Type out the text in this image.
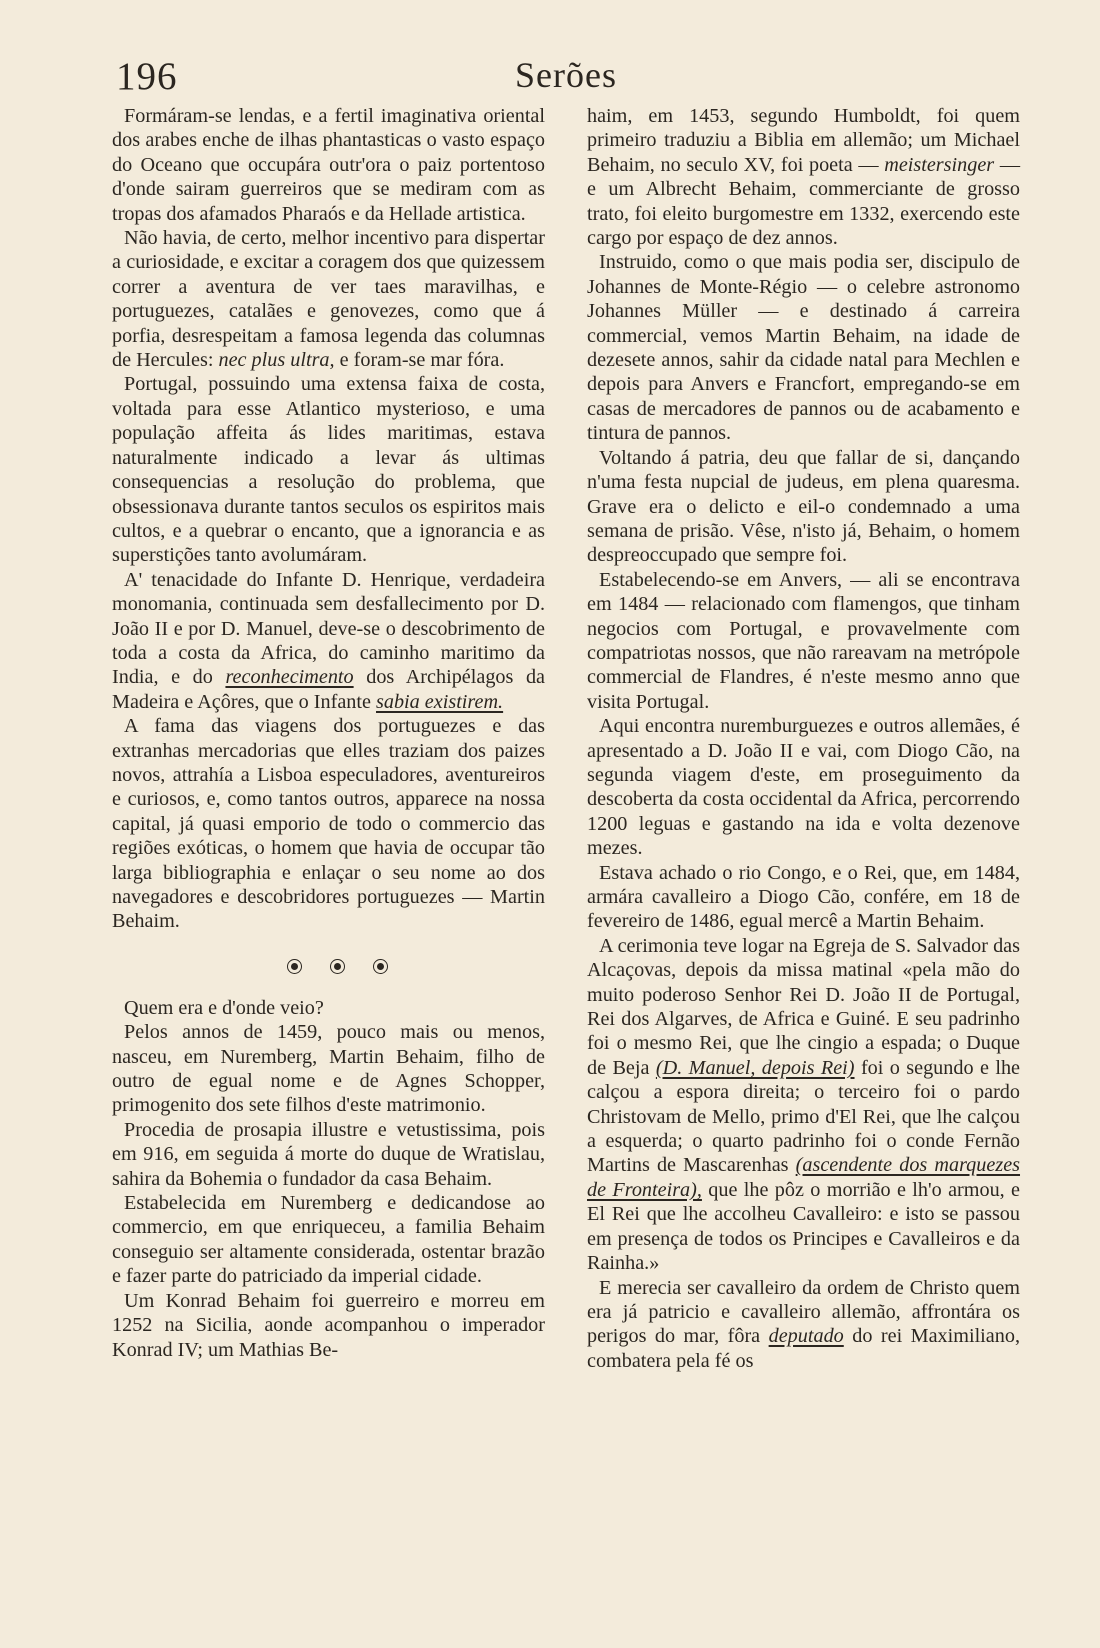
196	Serões

Formáram-se lendas, e a fertil imaginativa oriental dos arabes enche de ilhas phantasticas o vasto espaço do Oceano que occupára outr'ora o paiz portentoso d'onde sairam guerreiros que se mediram com as tropas dos afamados Pharaós e da Hellade artistica.

Não havia, de certo, melhor incentivo para dispertar a curiosidade, e excitar a coragem dos que quizessem correr a aventura de ver taes maravilhas, e portuguezes, catalães e genovezes, como que á porfia, desrespeitam a famosa legenda das columnas de Hercules: nec plus ultra, e foram-se mar fóra.

Portugal, possuindo uma extensa faixa de costa, voltada para esse Atlantico mysterioso, e uma população affeita ás lides maritimas, estava naturalmente indicado a levar ás ultimas consequencias a resolução do problema, que obsessionava durante tantos seculos os espiritos mais cultos, e a quebrar o encanto, que a ignorancia e as superstições tanto avolumáram.

A' tenacidade do Infante D. Henrique, verdadeira monomania, continuada sem desfallecimento por D. João II e por D. Manuel, deve-se o descobrimento de toda a costa da Africa, do caminho maritimo da India, e do reconhecimento dos Archipélagos da Madeira e Açôres, que o Infante sabia existirem.

A fama das viagens dos portuguezes e das extranhas mercadorias que elles traziam dos paizes novos, attrahía a Lisboa especuladores, aventureiros e curiosos, e, como tantos outros, apparece na nossa capital, já quasi emporio de todo o commercio das regiões exóticas, o homem que havia de occupar tão larga bibliographia e enlaçar o seu nome ao dos navegadores e descobridores portuguezes — Martin Behaim.

Quem era e d'onde veio?

Pelos annos de 1459, pouco mais ou menos, nasceu, em Nuremberg, Martin Behaim, filho de outro de egual nome e de Agnes Schopper, primogenito dos sete filhos d'este matrimonio.

Procedia de prosapia illustre e vetustissima, pois em 916, em seguida á morte do duque de Wratislau, sahira da Bohemia o fundador da casa Behaim.

Estabelecida em Nuremberg e dedicandose ao commercio, em que enriqueceu, a familia Behaim conseguio ser altamente considerada, ostentar brazão e fazer parte do patriciado da imperial cidade.

Um Konrad Behaim foi guerreiro e morreu em 1252 na Sicilia, aonde acompanhou o imperador Konrad IV; um Mathias Be-

haim, em 1453, segundo Humboldt, foi quem primeiro traduziu a Biblia em allemão; um Michael Behaim, no seculo XV, foi poeta — meistersinger — e um Albrecht Behaim, commerciante de grosso trato, foi eleito burgomestre em 1332, exercendo este cargo por espaço de dez annos.

Instruido, como o que mais podia ser, discipulo de Johannes de Monte-Régio — o celebre astronomo Johannes Müller — e destinado á carreira commercial, vemos Martin Behaim, na idade de dezesete annos, sahir da cidade natal para Mechlen e depois para Anvers e Francfort, empregando-se em casas de mercadores de pannos ou de acabamento e tintura de pannos.

Voltando á patria, deu que fallar de si, dançando n'uma festa nupcial de judeus, em plena quaresma. Grave era o delicto e eil-o condemnado a uma semana de prisão. Vêse, n'isto já, Behaim, o homem despreoccupado que sempre foi.

Estabelecendo-se em Anvers, — ali se encontrava em 1484 — relacionado com flamengos, que tinham negocios com Portugal, e provavelmente com compatriotas nossos, que não rareavam na metrópole commercial de Flandres, é n'este mesmo anno que visita Portugal.

Aqui encontra nuremburguezes e outros allemães, é apresentado a D. João II e vai, com Diogo Cão, na segunda viagem d'este, em proseguimento da descoberta da costa occidental da Africa, percorrendo 1200 leguas e gastando na ida e volta dezenove mezes.

Estava achado o rio Congo, e o Rei, que, em 1484, armára cavalleiro a Diogo Cão, confére, em 18 de fevereiro de 1486, egual mercê a Martin Behaim.

A cerimonia teve logar na Egreja de S. Salvador das Alcaçovas, depois da missa matinal «pela mão do muito poderoso Senhor Rei D. João II de Portugal, Rei dos Algarves, de Africa e Guiné. E seu padrinho foi o mesmo Rei, que lhe cingio a espada; o Duque de Beja (D. Manuel, depois Rei) foi o segundo e lhe calçou a espora direita; o terceiro foi o pardo Christovam de Mello, primo d'El Rei, que lhe calçou a esquerda; o quarto padrinho foi o conde Fernão Martins de Mascarenhas (ascendente dos marquezes de Fronteira), que lhe pôz o morrião e lh'o armou, e El Rei que lhe accolheu Cavalleiro: e isto se passou em presença de todos os Principes e Cavalleiros e da Rainha.»

E merecia ser cavalleiro da ordem de Christo quem era já patricio e cavalleiro allemão, affrontára os perigos do mar, fôra deputado do rei Maximiliano, combatera pela fé os
